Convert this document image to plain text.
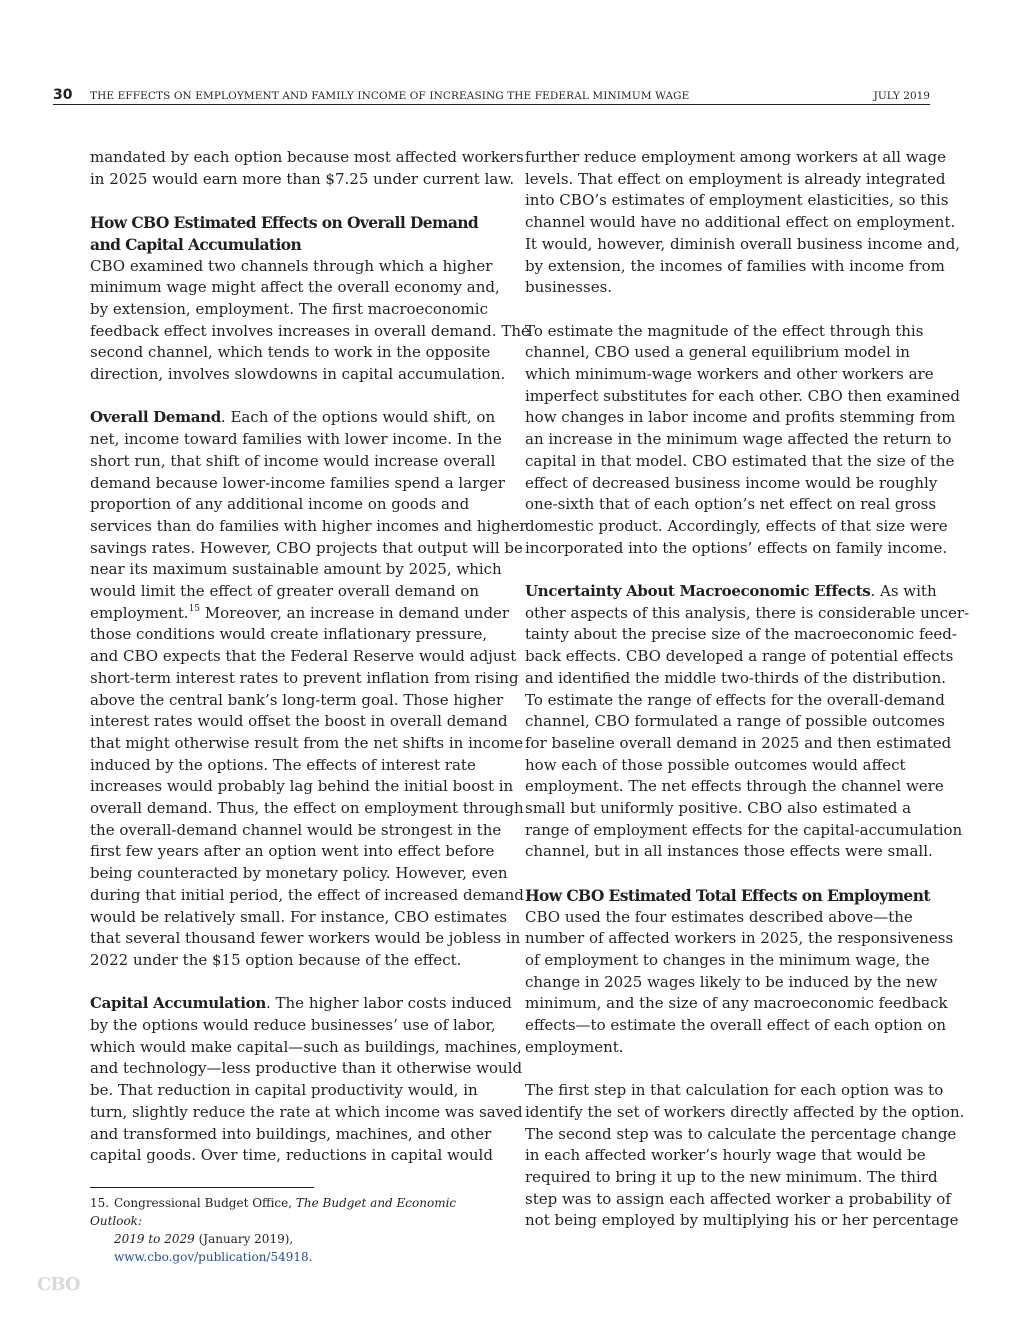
30 THE EFFECTS ON EMPLOYMENT AND FAMILY INCOME OF INCREASING THE FEDERAL MINIMUM WAGE	JULY 2019

mandated by each option because most affected workers
in 2025 would earn more than $7.25 under current law.

How CBO Estimated Effects on Overall Demand
and Capital Accumulation

CBO examined two channels through which a higher
minimum wage might affect the overall economy and,
by extension, employment. The first macroeconomic
feedback effect involves increases in overall demand. The
second channel, which tends to work in the opposite
direction, involves slowdowns in capital accumulation.

Overall Demand. Each of the options would shift, on
net, income toward families with lower income. In the
short run, that shift of income would increase overall
demand because lower-income families spend a larger
proportion of any additional income on goods and
services than do families with higher incomes and higher
savings rates. However, CBO projects that output will be
near its maximum sustainable amount by 2025, which
would limit the effect of greater overall demand on
employment.$^{15}$ Moreover, an increase in demand under
those conditions would create inflationary pressure,
and CBO expects that the Federal Reserve would adjust
short-term interest rates to prevent inflation from rising
above the central bank’s long-term goal. Those higher
interest rates would offset the boost in overall demand
that might otherwise result from the net shifts in income
induced by the options. The effects of interest rate
increases would probably lag behind the initial boost in
overall demand. Thus, the effect on employment through
the overall-demand channel would be strongest in the
first few years after an option went into effect before
being counteracted by monetary policy. However, even
during that initial period, the effect of increased demand
would be relatively small. For instance, CBO estimates
that several thousand fewer workers would be jobless in
2022 under the $15 option because of the effect.

Capital Accumulation. The higher labor costs induced
by the options would reduce businesses’ use of labor,
which would make capital—such as buildings, machines,
and technology—less productive than it otherwise would
be. That reduction in capital productivity would, in
turn, slightly reduce the rate at which income was saved
and transformed into buildings, machines, and other
capital goods. Over time, reductions in capital would

further reduce employment among workers at all wage
levels. That effect on employment is already integrated
into CBO’s estimates of employment elasticities, so this
channel would have no additional effect on employment.
It would, however, diminish overall business income and,
by extension, the incomes of families with income from
businesses.

To estimate the magnitude of the effect through this
channel, CBO used a general equilibrium model in
which minimum-wage workers and other workers are
imperfect substitutes for each other. CBO then examined
how changes in labor income and profits stemming from
an increase in the minimum wage affected the return to
capital in that model. CBO estimated that the size of the
effect of decreased business income would be roughly
one-sixth that of each option’s net effect on real gross
domestic product. Accordingly, effects of that size were
incorporated into the options’ effects on family income.

Uncertainty About Macroeconomic Effects. As with
other aspects of this analysis, there is considerable uncer-
tainty about the precise size of the macroeconomic feed-
back effects. CBO developed a range of potential effects
and identified the middle two-thirds of the distribution.
To estimate the range of effects for the overall-demand
channel, CBO formulated a range of possible outcomes
for baseline overall demand in 2025 and then estimated
how each of those possible outcomes would affect
employment. The net effects through the channel were
small but uniformly positive. CBO also estimated a
range of employment effects for the capital-accumulation
channel, but in all instances those effects were small.

How CBO Estimated Total Effects on Employment

CBO used the four estimates described above—the
number of affected workers in 2025, the responsiveness
of employment to changes in the minimum wage, the
change in 2025 wages likely to be induced by the new
minimum, and the size of any macroeconomic feedback
effects—to estimate the overall effect of each option on
employment.

The first step in that calculation for each option was to
identify the set of workers directly affected by the option.
The second step was to calculate the percentage change
in each affected worker’s hourly wage that would be
required to bring it up to the new minimum. The third
step was to assign each affected worker a probability of
not being employed by multiplying his or her percentage

15. Congressional Budget Office, The Budget and Economic Outlook:
2019 to 2029 (January 2019), www.cbo.gov/publication/54918.
CBO
